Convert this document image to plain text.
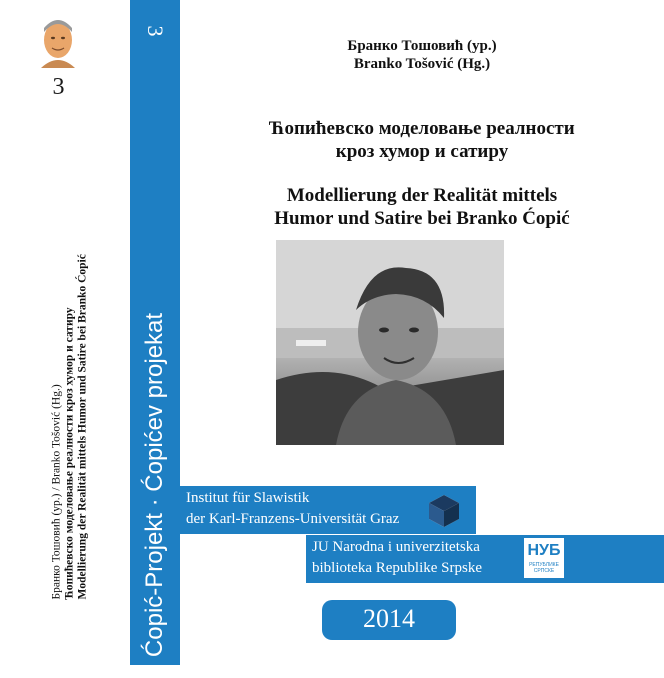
3
Бранко Тошовић (ур.) / Branko Tošović (Hg.) Ћопићевско моделовање реалности кроз хумор и сатиру Modellierung der Realität mittels Humor und Satire bei Branko Ćopić
3
Ćopić-Projekt · Ćopićev projekat
Бранко Тошовић (ур.)
Branko Tošović (Hg.)
Ћопићевско моделовање реалности
кроз хумор и сатиру
Modellierung der Realität mittels
Humor und Satire bei Branko Ćopić
Institut für Slawistik
der Karl-Franzens-Universität Graz
JU Narodna i univerzitetska
biblioteka Republike Srpske
НУБ
РЕПУБЛИКЕ СРПСКЕ
2014
